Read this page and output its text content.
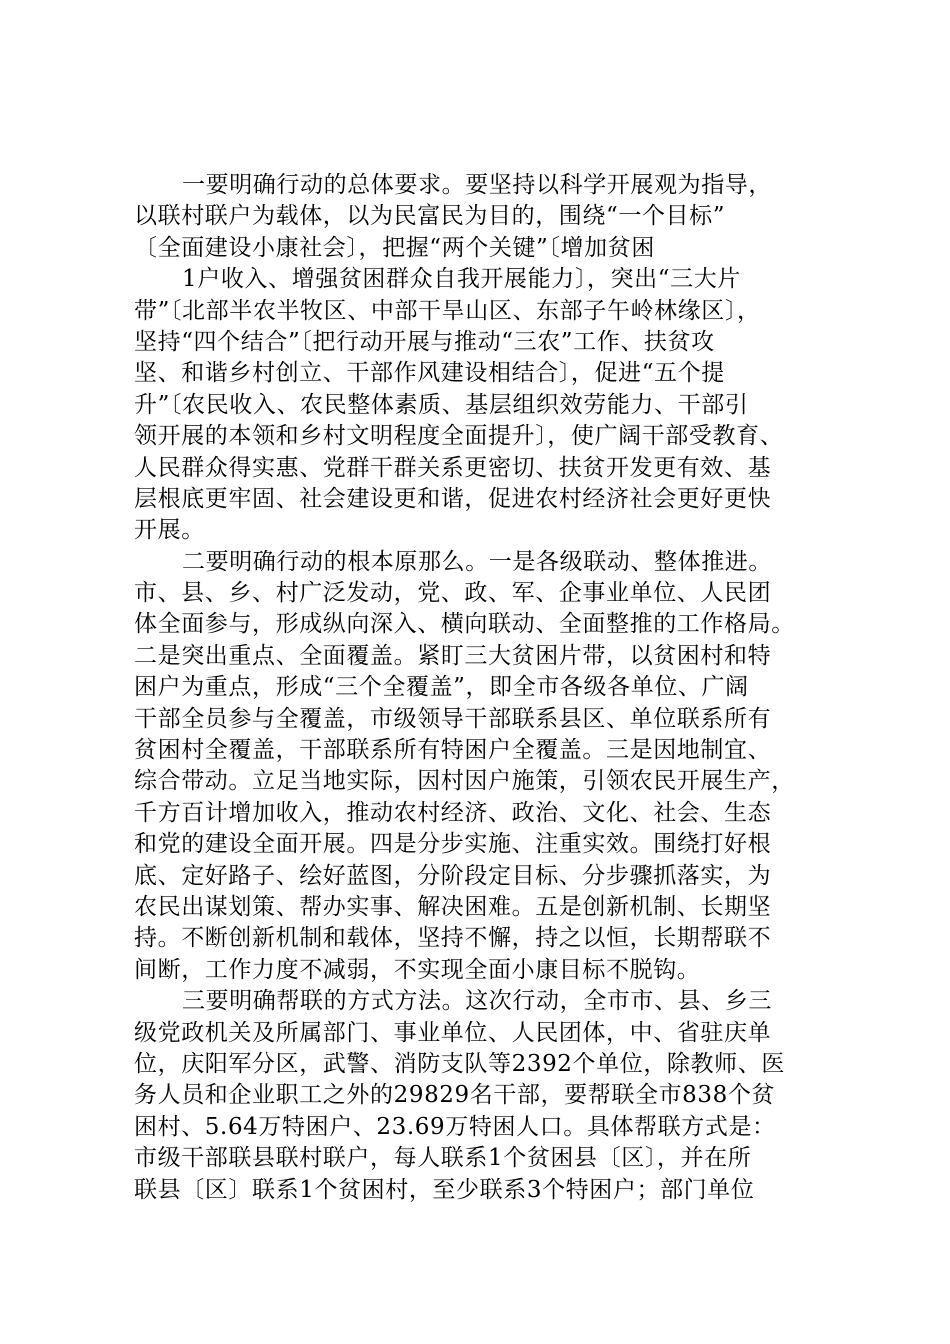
一要明确行动的总体要求。要坚持以科学开展观为指导，
以联村联户为载体，以为民富民为目的，围绕“一个目标”
〔全面建设小康社会〕，把握“两个关键”〔增加贫困
1户收入、增强贫困群众自我开展能力〕，突出“三大片
带”〔北部半农半牧区、中部干旱山区、东部子午岭林缘区〕，
坚持“四个结合”〔把行动开展与推动“三农”工作、扶贫攻
坚、和谐乡村创立、干部作风建设相结合〕，促进“五个提
升”〔农民收入、农民整体素质、基层组织效劳能力、干部引
领开展的本领和乡村文明程度全面提升〕，使广阔干部受教育、
人民群众得实惠、党群干群关系更密切、扶贫开发更有效、基
层根底更牢固、社会建设更和谐，促进农村经济社会更好更快
开展。
二要明确行动的根本原那么。一是各级联动、整体推进。
市、县、乡、村广泛发动，党、政、军、企事业单位、人民团
体全面参与，形成纵向深入、横向联动、全面整推的工作格局。
二是突出重点、全面覆盖。紧盯三大贫困片带，以贫困村和特
困户为重点，形成“三个全覆盖”，即全市各级各单位、广阔
干部全员参与全覆盖，市级领导干部联系县区、单位联系所有
贫困村全覆盖，干部联系所有特困户全覆盖。三是因地制宜、
综合带动。立足当地实际，因村因户施策，引领农民开展生产，
千方百计增加收入，推动农村经济、政治、文化、社会、生态
和党的建设全面开展。四是分步实施、注重实效。围绕打好根
底、定好路子、绘好蓝图，分阶段定目标、分步骤抓落实，为
农民出谋划策、帮办实事、解决困难。五是创新机制、长期坚
持。不断创新机制和载体，坚持不懈，持之以恒，长期帮联不
间断，工作力度不减弱，不实现全面小康目标不脱钩。
三要明确帮联的方式方法。这次行动，全市市、县、乡三
级党政机关及所属部门、事业单位、人民团体，中、省驻庆单
位，庆阳军分区，武警、消防支队等2392个单位，除教师、医
务人员和企业职工之外的29829名干部，要帮联全市838个贫
困村、5.64万特困户、23.69万特困人口。具体帮联方式是：
市级干部联县联村联户，每人联系1个贫困县〔区〕，并在所
联县〔区〕联系1个贫困村，至少联系3个特困户；部门单位
